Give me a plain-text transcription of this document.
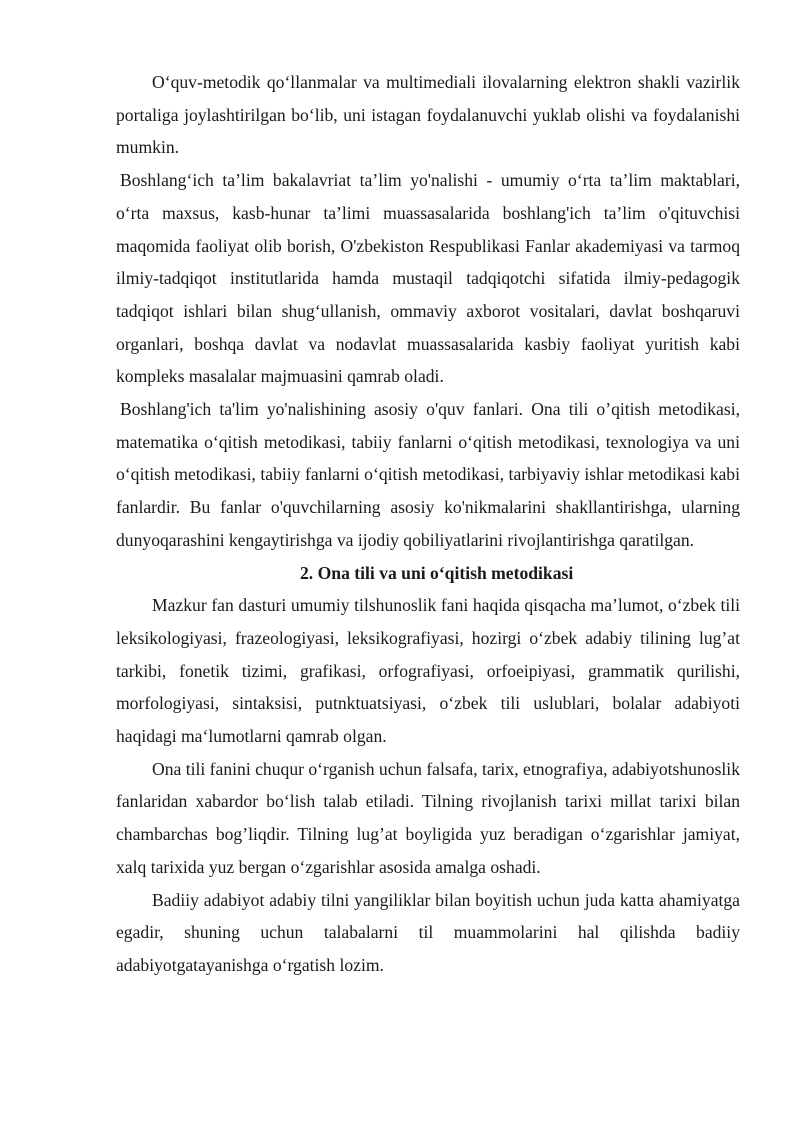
O‘quv-metodik qo‘llanmalar va multimediali ilovalarning elektron shakli vazirlik portaliga joylashtirilgan bo‘lib, uni istagan foydalanuvchi yuklab olishi va foydalanishi mumkin.

Boshlang‘ich ta’lim bakalavriat ta’lim yo'nalishi - umumiy o‘rta ta’lim maktablari, o‘rta maxsus, kasb-hunar ta’limi muassasalarida boshlang'ich ta’lim o'qituvchisi maqomida faoliyat olib borish, O'zbekiston Respublikasi Fanlar akademiyasi va tarmoq ilmiy-tadqiqot institutlarida hamda mustaqil tadqiqotchi sifatida ilmiy-pedagogik tadqiqot ishlari bilan shug‘ullanish, ommaviy axborot vositalari, davlat boshqaruvi organlari, boshqa davlat va nodavlat muassasalarida kasbiy faoliyat yuritish kabi kompleks masalalar majmuasini qamrab oladi.

Boshlang'ich ta'lim yo'nalishining asosiy o'quv fanlari. Ona tili o’qitish metodikasi, matematika o‘qitish metodikasi, tabiiy fanlarni o‘qitish metodikasi, texnologiya va uni o‘qitish metodikasi, tabiiy fanlarni o‘qitish metodikasi, tarbiyaviy ishlar metodikasi kabi fanlardir. Bu fanlar o'quvchilarning asosiy ko'nikmalarini shakllantirishga, ularning dunyoqarashini kengaytirishga va ijodiy qobiliyatlarini rivojlantirishga qaratilgan.

2. Ona tili va uni o‘qitish metodikasi

Mazkur fan dasturi umumiy tilshunoslik fani haqida qisqacha ma’lumot, o‘zbek tili leksikologiyasi, frazeologiyasi, leksikografiyasi, hozirgi o‘zbek adabiy tilining lug’at tarkibi, fonetik tizimi, grafikasi, orfografiyasi, orfoeipiyasi, grammatik qurilishi, morfologiyasi, sintaksisi, putnktuatsiyasi, o‘zbek tili uslublari, bolalar adabiyoti haqidagi ma‘lumotlarni qamrab olgan.

Ona tili fanini chuqur o‘rganish uchun falsafa, tarix, etnografiya, adabiyotshunoslik fanlaridan xabardor bo‘lish talab etiladi. Tilning rivojlanish tarixi millat tarixi bilan chambarchas bog’liqdir. Tilning lug’at boyligida yuz beradigan o‘zgarishlar jamiyat, xalq tarixida yuz bergan o‘zgarishlar asosida amalga oshadi.

Badiiy adabiyot adabiy tilni yangiliklar bilan boyitish uchun juda katta ahamiyatga egadir, shuning uchun talabalarni til muammolarini hal qilishda badiiy adabiyotgatayanishga o‘rgatish lozim.
